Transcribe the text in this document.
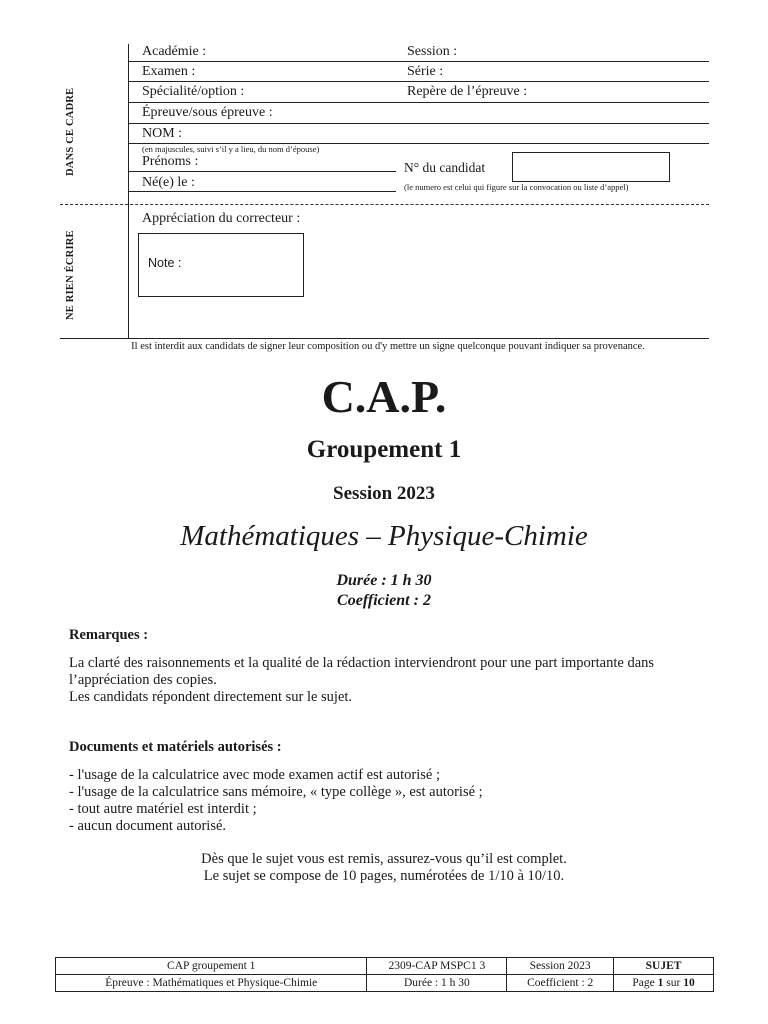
DANS CE CADRE
NE RIEN ÉCRIRE
Académie :	Session :
Examen :	Série :
Spécialité/option :	Repère de l’épreuve :
Épreuve/sous épreuve :
NOM :
(en majuscules, suivi s’il y a lieu, du nom d’épouse)
Prénoms :	N° du candidat
Né(e) le :	(le numero est celui qui figure sur la convocation ou liste d’appel)
Appréciation du correcteur :
Note :
Il est interdit aux candidats de signer leur composition ou d'y mettre un signe quelconque pouvant indiquer sa provenance.
C.A.P.
Groupement 1
Session 2023
Mathématiques – Physique-Chimie
Durée : 1 h 30
Coefficient : 2
Remarques :
La clarté des raisonnements et la qualité de la rédaction interviendront pour une part importante dans
l’appréciation des copies.
Les candidats répondent directement sur le sujet.
Documents et matériels autorisés :
- l'usage de la calculatrice avec mode examen actif est autorisé ;
- l'usage de la calculatrice sans mémoire, « type collège », est autorisé ;
- tout autre matériel est interdit ;
- aucun document autorisé.
Dès que le sujet vous est remis, assurez-vous qu’il est complet.
Le sujet se compose de 10 pages, numérotées de 1/10 à 10/10.
CAP groupement 1	2309-CAP MSPC1 3	Session 2023	SUJET
Épreuve : Mathématiques et Physique-Chimie	Durée : 1 h 30	Coefficient : 2	Page 1 sur 10
